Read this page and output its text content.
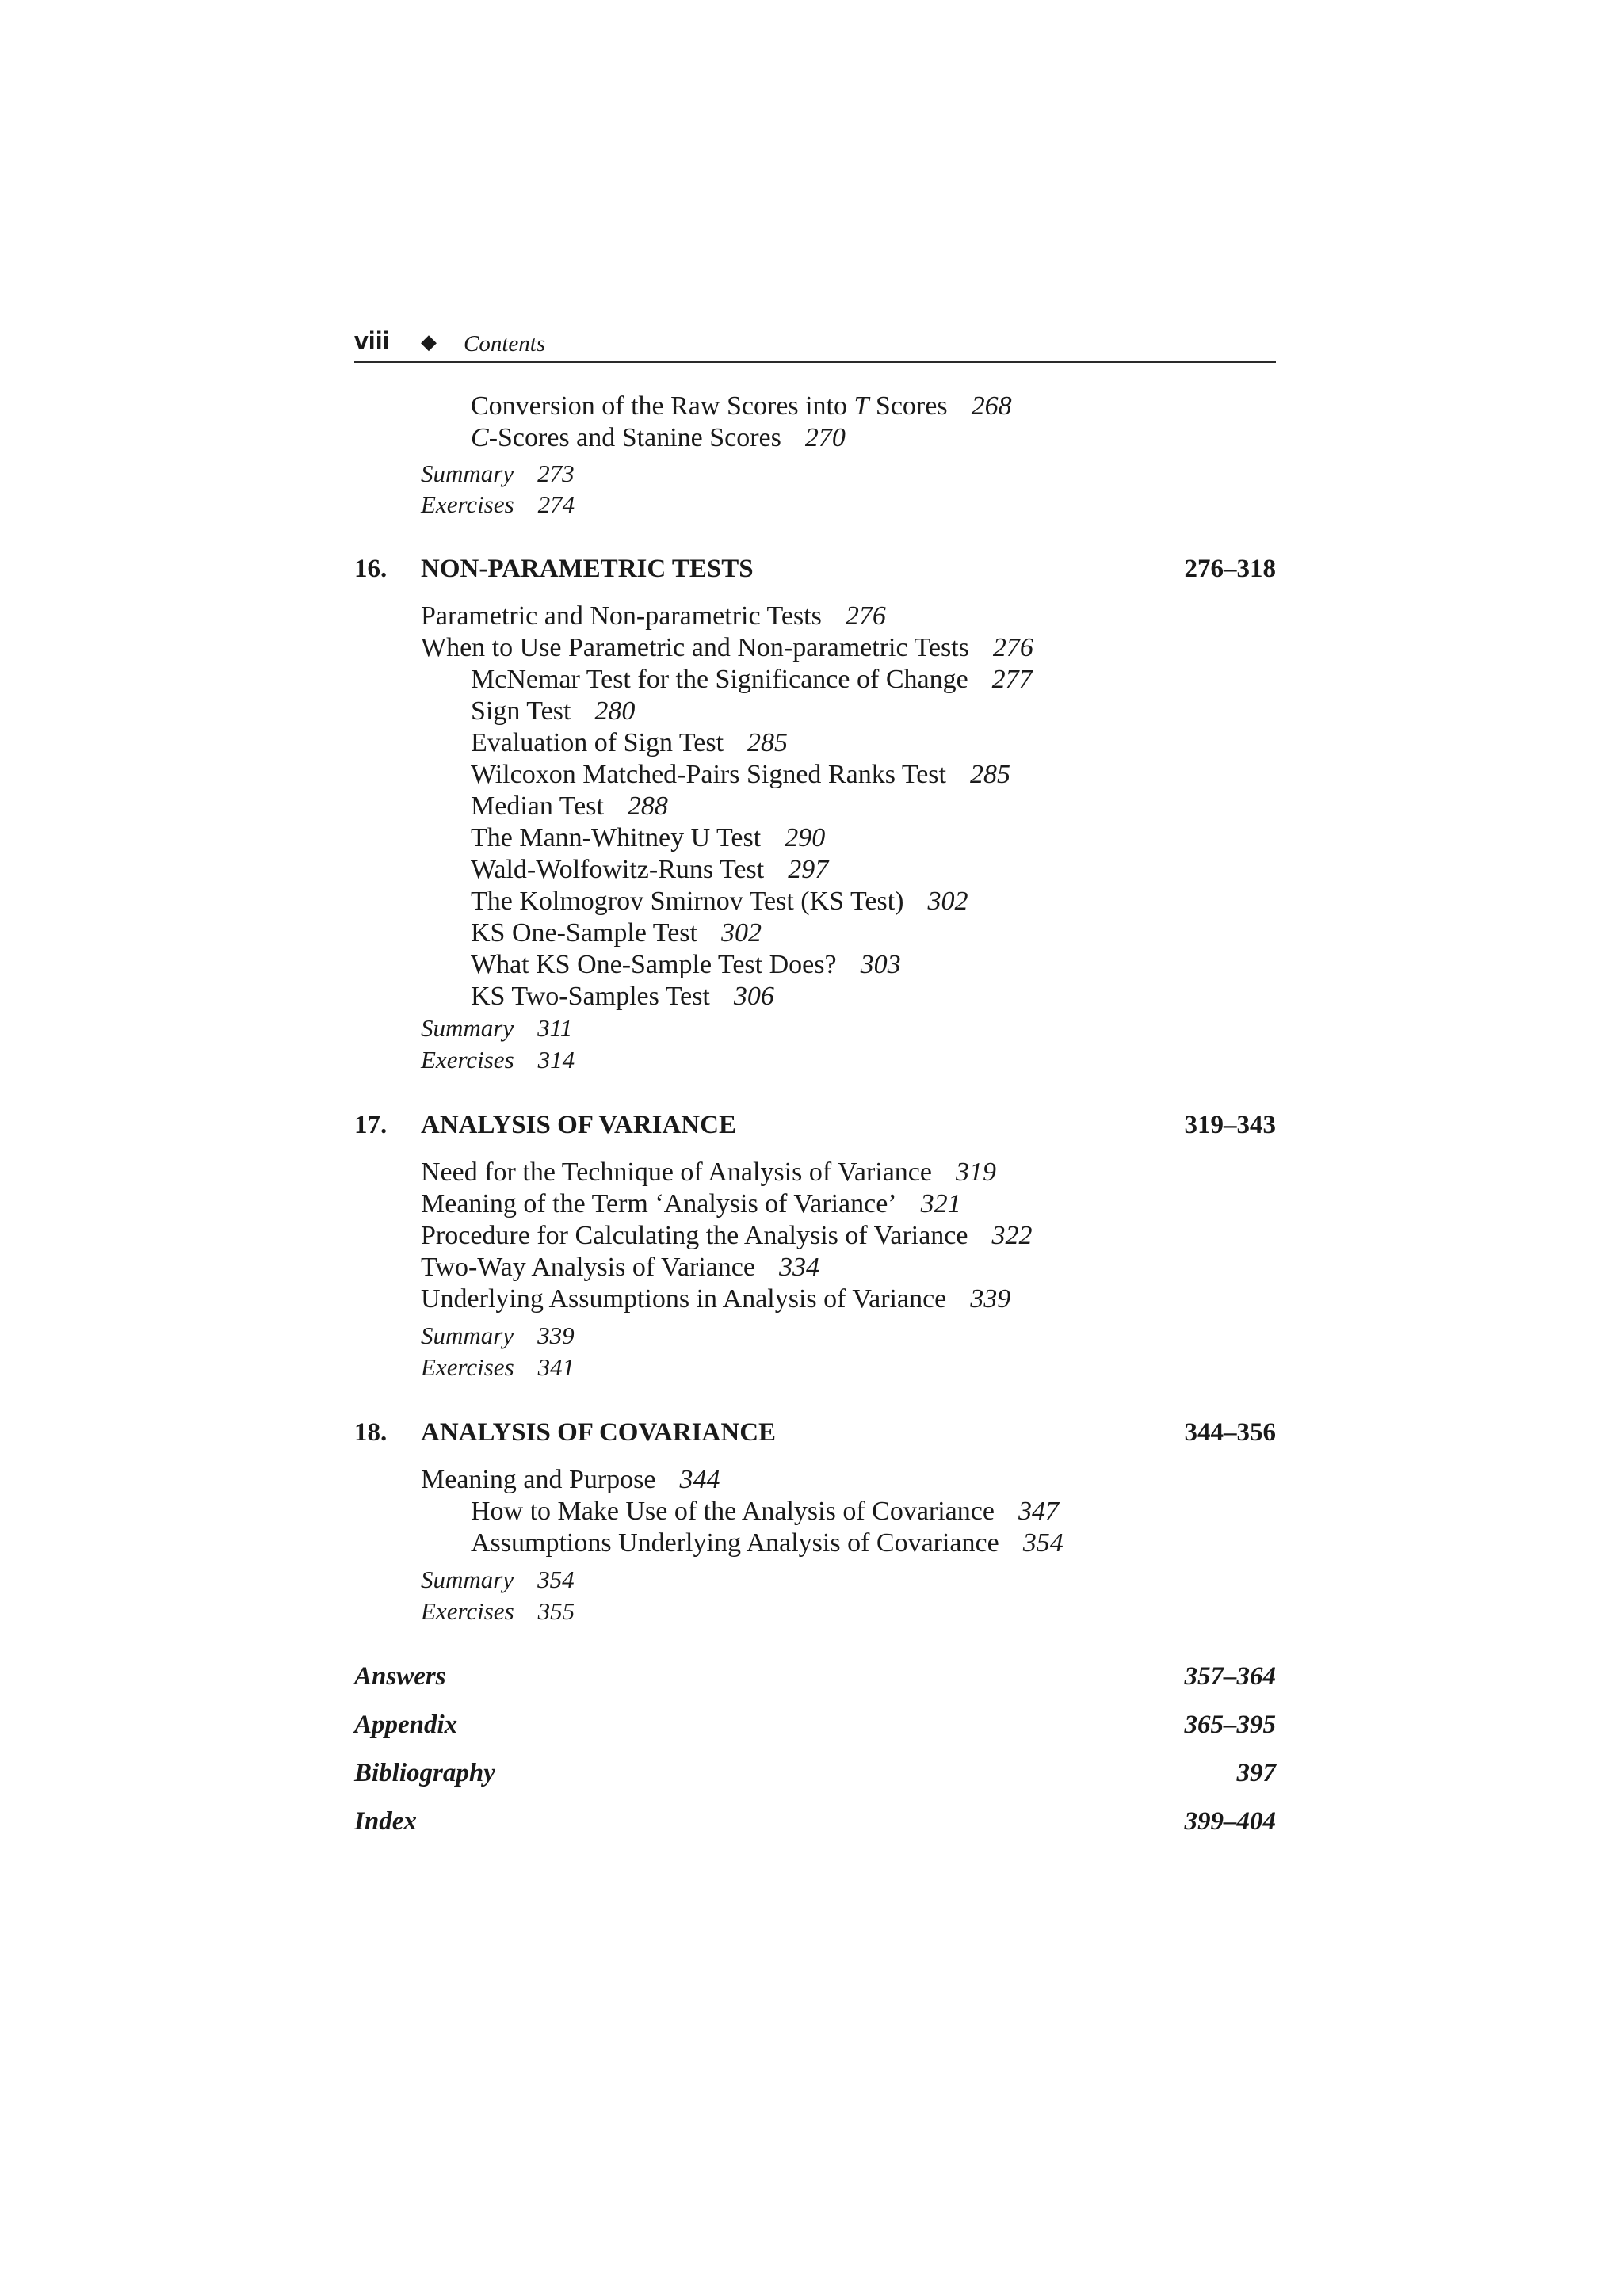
viii ◆ Contents
Conversion of the Raw Scores into T Scores 268
C-Scores and Stanine Scores 270
Summary 273
Exercises 274
16. NON-PARAMETRIC TESTS	276–318
Parametric and Non-parametric Tests 276
When to Use Parametric and Non-parametric Tests 276
McNemar Test for the Significance of Change 277
Sign Test 280
Evaluation of Sign Test 285
Wilcoxon Matched-Pairs Signed Ranks Test 285
Median Test 288
The Mann-Whitney U Test 290
Wald-Wolfowitz-Runs Test 297
The Kolmogrov Smirnov Test (KS Test) 302
KS One-Sample Test 302
What KS One-Sample Test Does? 303
KS Two-Samples Test 306
Summary 311
Exercises 314
17. ANALYSIS OF VARIANCE	319–343
Need for the Technique of Analysis of Variance 319
Meaning of the Term ‘Analysis of Variance’ 321
Procedure for Calculating the Analysis of Variance 322
Two-Way Analysis of Variance 334
Underlying Assumptions in Analysis of Variance 339
Summary 339
Exercises 341
18. ANALYSIS OF COVARIANCE	344–356
Meaning and Purpose 344
How to Make Use of the Analysis of Covariance 347
Assumptions Underlying Analysis of Covariance 354
Summary 354
Exercises 355
Answers	357–364
Appendix	365–395
Bibliography	397
Index	399–404
